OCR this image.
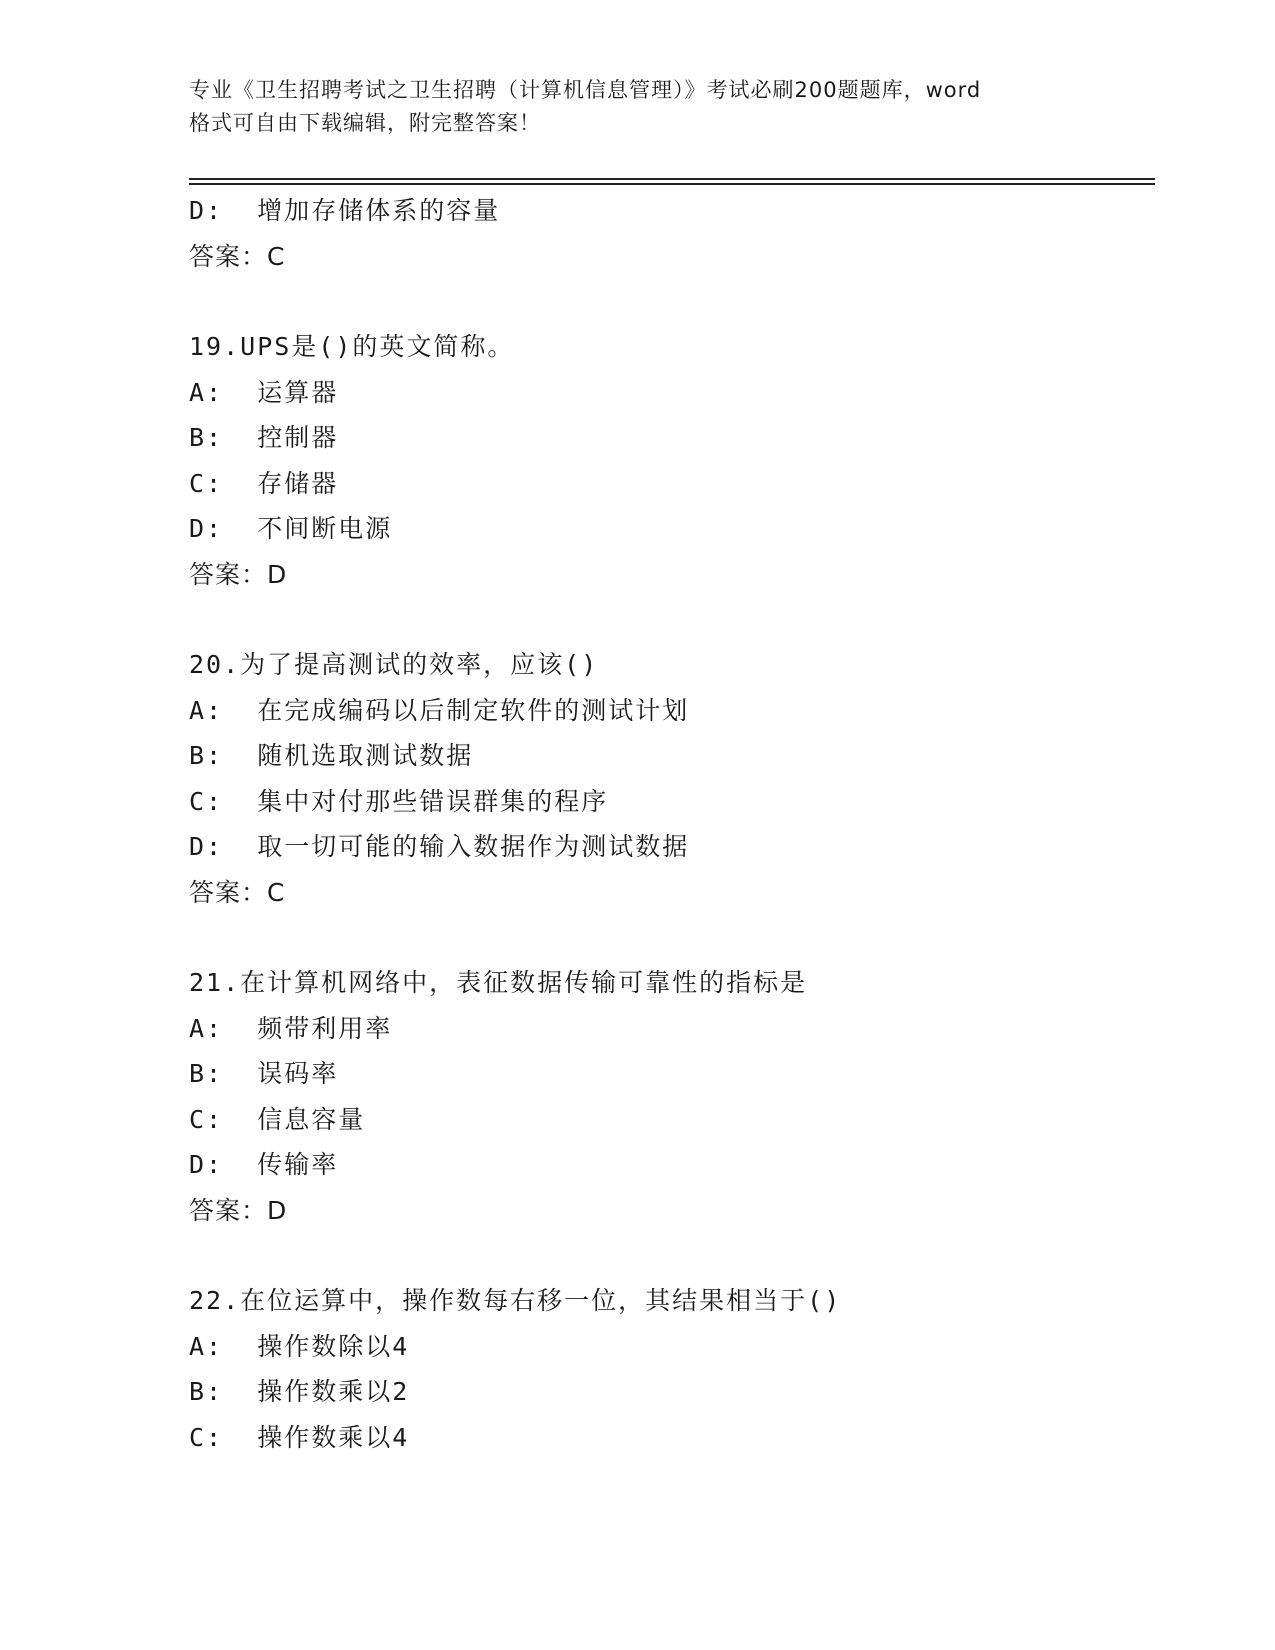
专业《卫生招聘考试之卫生招聘（计算机信息管理）》考试必刷200题题库，word
格式可自由下载编辑，附完整答案！
D:  增加存储体系的容量
答案：C
19.UPS是()的英文简称。
A:  运算器
B:  控制器
C:  存储器
D:  不间断电源
答案：D
20.为了提高测试的效率，应该()
A:  在完成编码以后制定软件的测试计划
B:  随机选取测试数据
C:  集中对付那些错误群集的程序
D:  取一切可能的输入数据作为测试数据
答案：C
21.在计算机网络中，表征数据传输可靠性的指标是
A:  频带利用率
B:  误码率
C:  信息容量
D:  传输率
答案：D
22.在位运算中，操作数每右移一位，其结果相当于()
A:  操作数除以4
B:  操作数乘以2
C:  操作数乘以4
